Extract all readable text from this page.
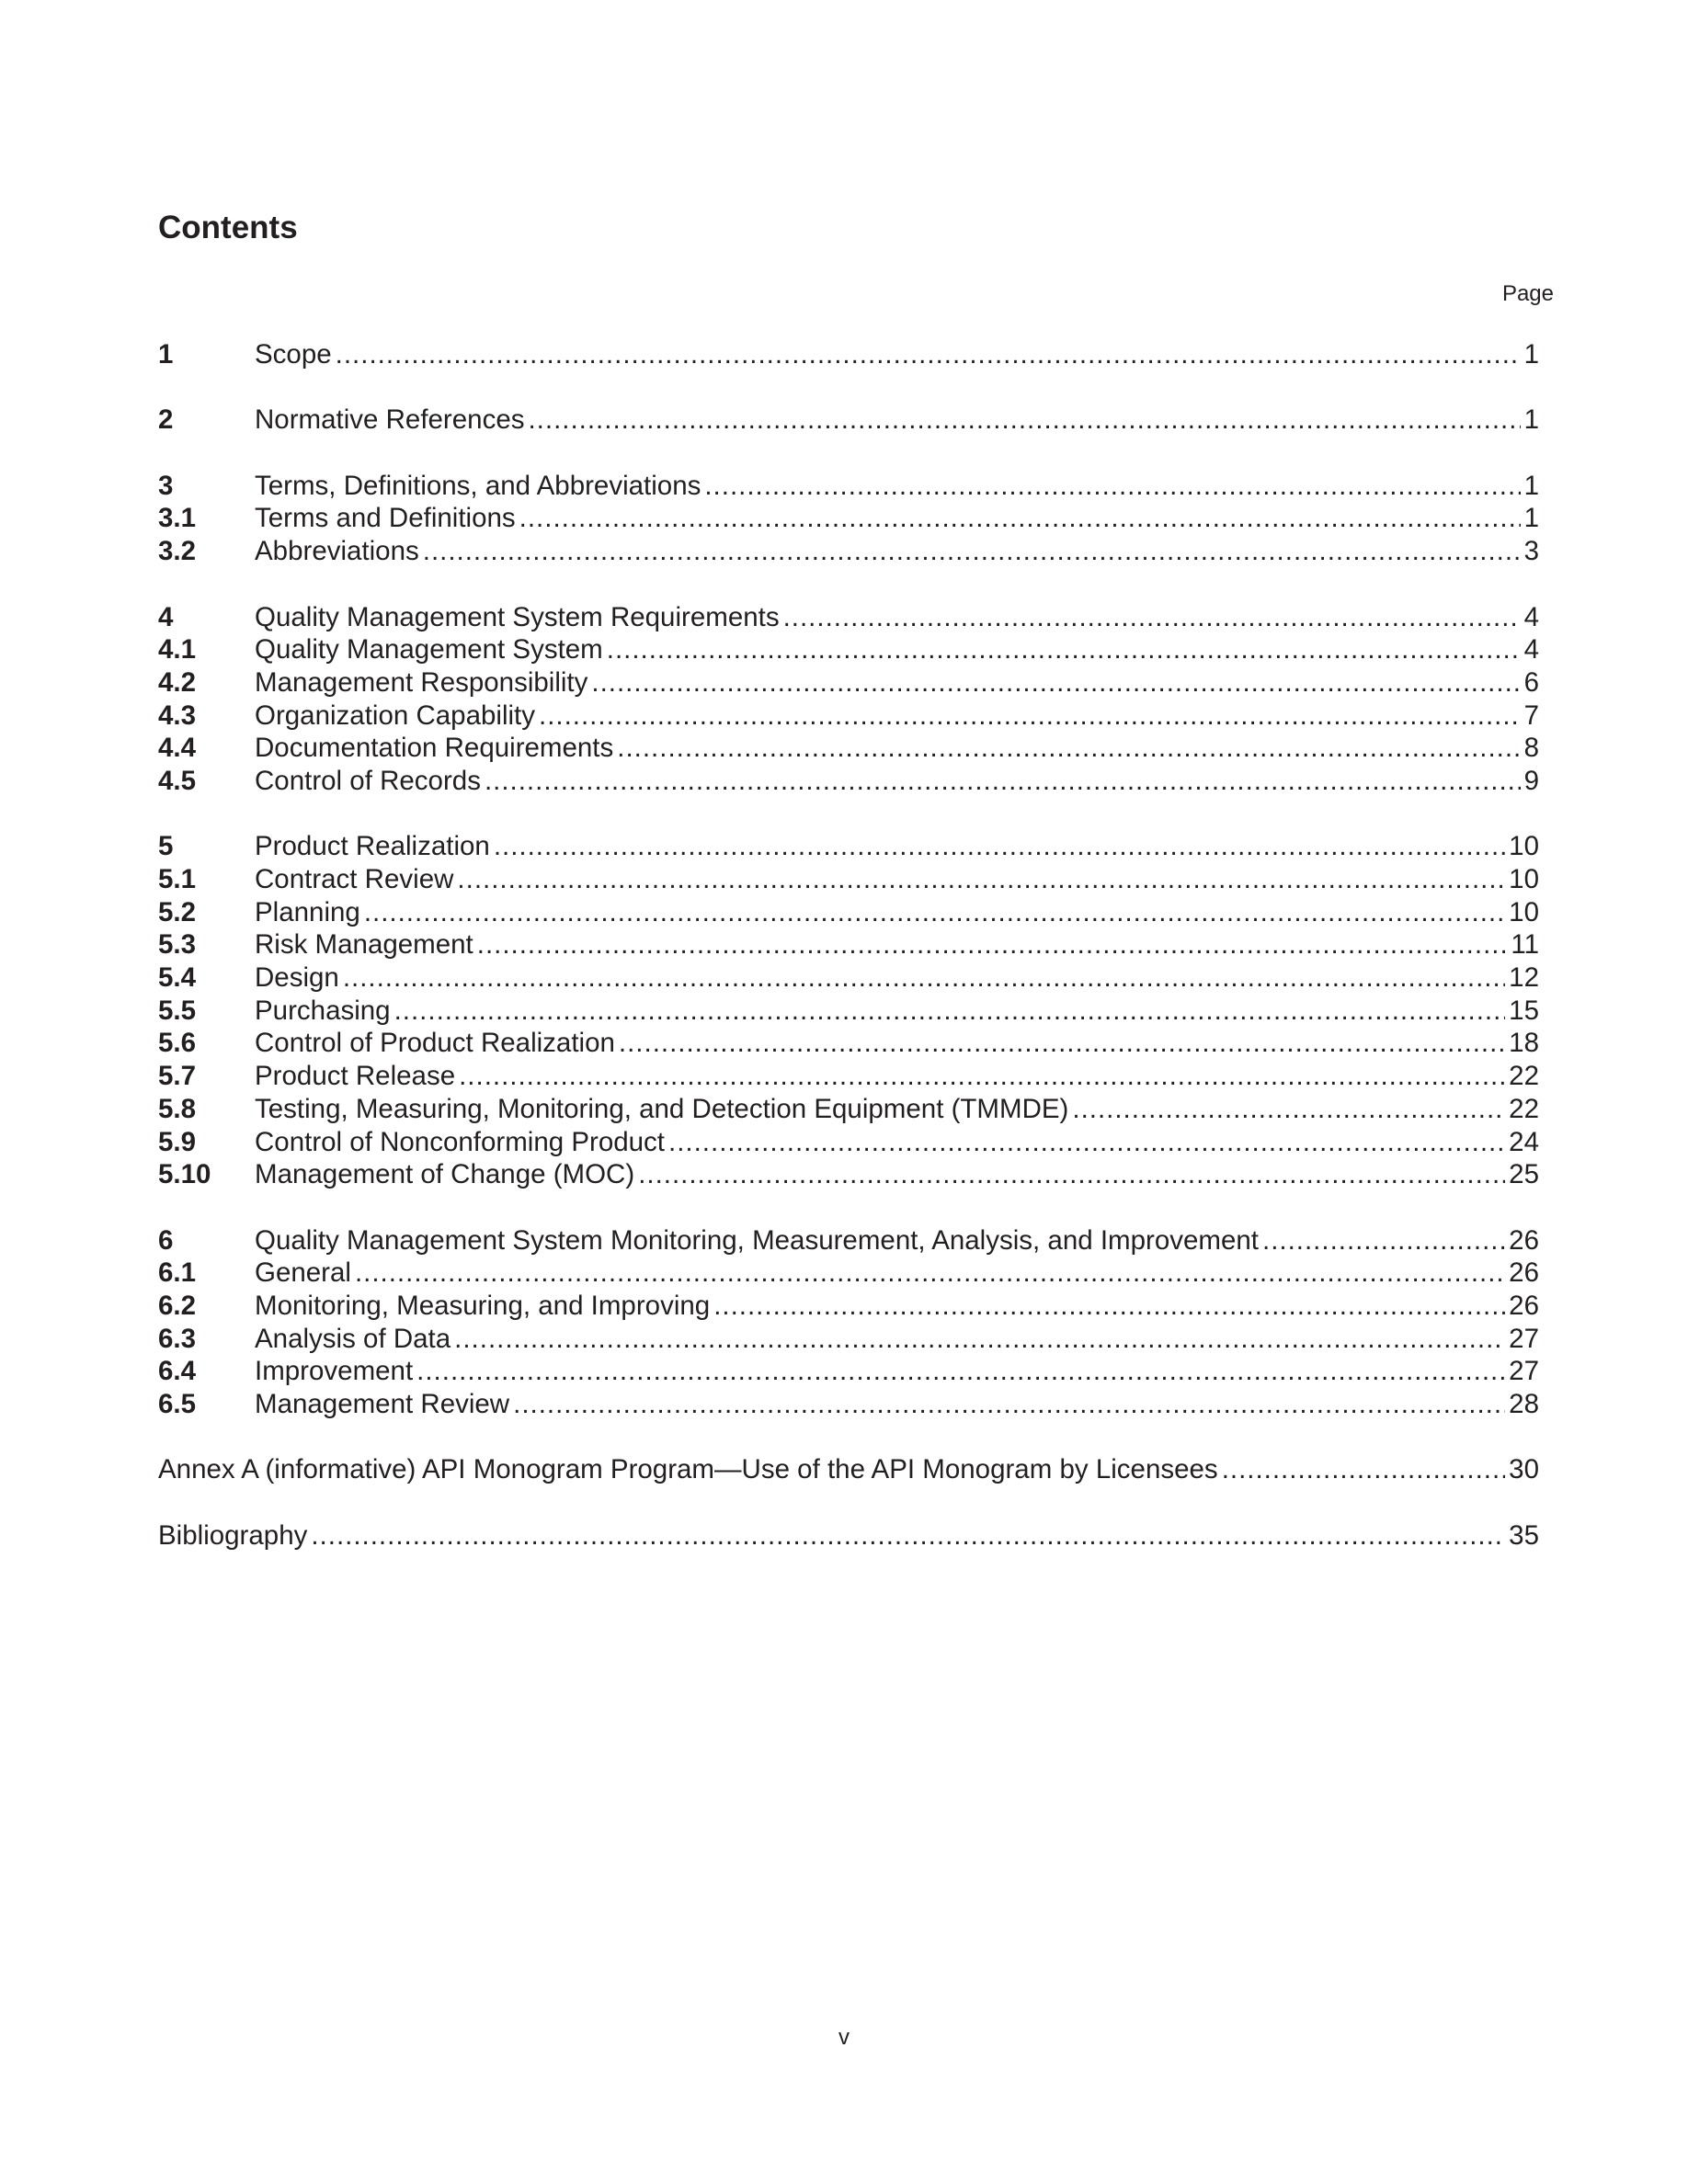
Contents
Page
1	Scope .....	1
2	Normative References .....	1
3	Terms, Definitions, and Abbreviations .....	1
3.1	Terms and Definitions .....	1
3.2	Abbreviations .....	3
4	Quality Management System Requirements .....	4
4.1	Quality Management System .....	4
4.2	Management Responsibility .....	6
4.3	Organization Capability .....	7
4.4	Documentation Requirements .....	8
4.5	Control of Records .....	9
5	Product Realization .....	10
5.1	Contract Review .....	10
5.2	Planning .....	10
5.3	Risk Management .....	11
5.4	Design .....	12
5.5	Purchasing .....	15
5.6	Control of Product Realization .....	18
5.7	Product Release .....	22
5.8	Testing, Measuring, Monitoring, and Detection Equipment (TMMDE) .....	22
5.9	Control of Nonconforming Product .....	24
5.10	Management of Change (MOC) .....	25
6	Quality Management System Monitoring, Measurement, Analysis, and Improvement .....	26
6.1	General .....	26
6.2	Monitoring, Measuring, and Improving .....	26
6.3	Analysis of Data .....	27
6.4	Improvement .....	27
6.5	Management Review .....	28
Annex A (informative) API Monogram Program—Use of the API Monogram by Licensees .....	30
Bibliography .....	35
v
